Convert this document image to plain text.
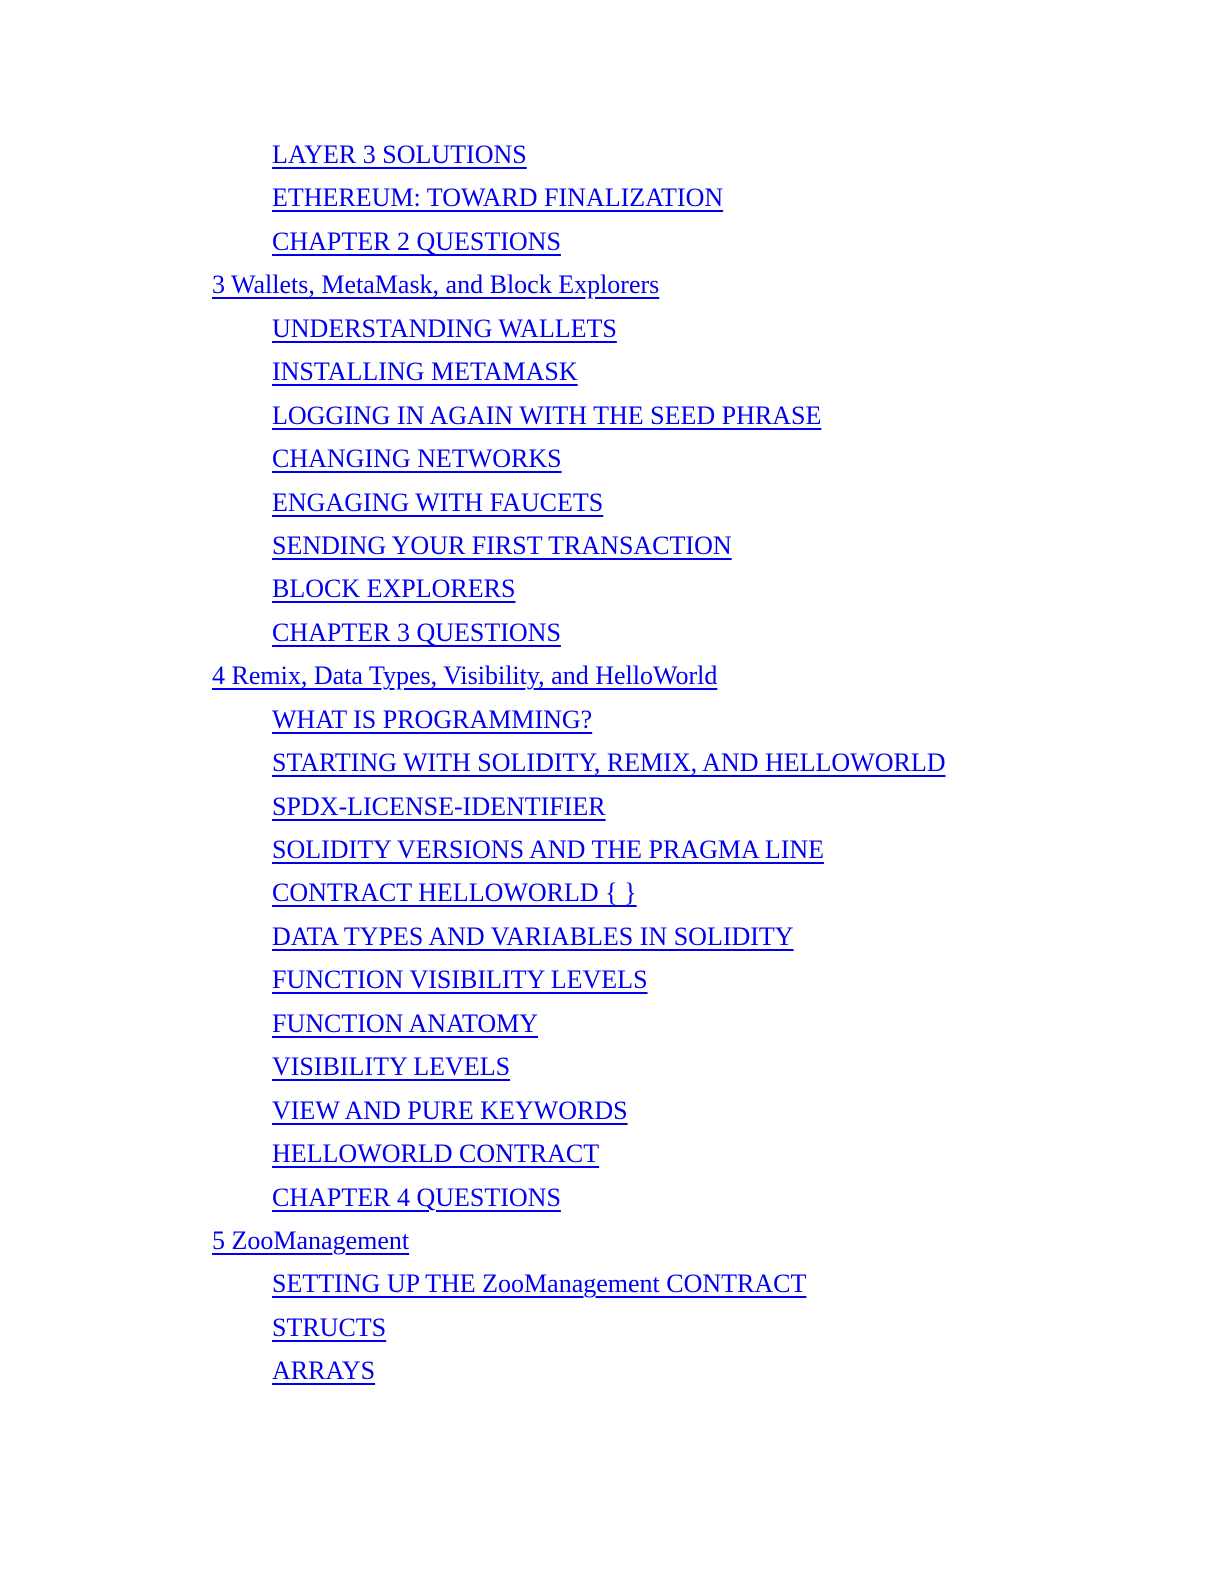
LAYER 3 SOLUTIONS
ETHEREUM: TOWARD FINALIZATION
CHAPTER 2 QUESTIONS
3 Wallets, MetaMask, and Block Explorers
UNDERSTANDING WALLETS
INSTALLING METAMASK
LOGGING IN AGAIN WITH THE SEED PHRASE
CHANGING NETWORKS
ENGAGING WITH FAUCETS
SENDING YOUR FIRST TRANSACTION
BLOCK EXPLORERS
CHAPTER 3 QUESTIONS
4 Remix, Data Types, Visibility, and HelloWorld
WHAT IS PROGRAMMING?
STARTING WITH SOLIDITY, REMIX, AND HELLOWORLD
SPDX-LICENSE-IDENTIFIER
SOLIDITY VERSIONS AND THE PRAGMA LINE
CONTRACT HELLOWORLD { }
DATA TYPES AND VARIABLES IN SOLIDITY
FUNCTION VISIBILITY LEVELS
FUNCTION ANATOMY
VISIBILITY LEVELS
VIEW AND PURE KEYWORDS
HELLOWORLD CONTRACT
CHAPTER 4 QUESTIONS
5 ZooManagement
SETTING UP THE ZooManagement CONTRACT
STRUCTS
ARRAYS
